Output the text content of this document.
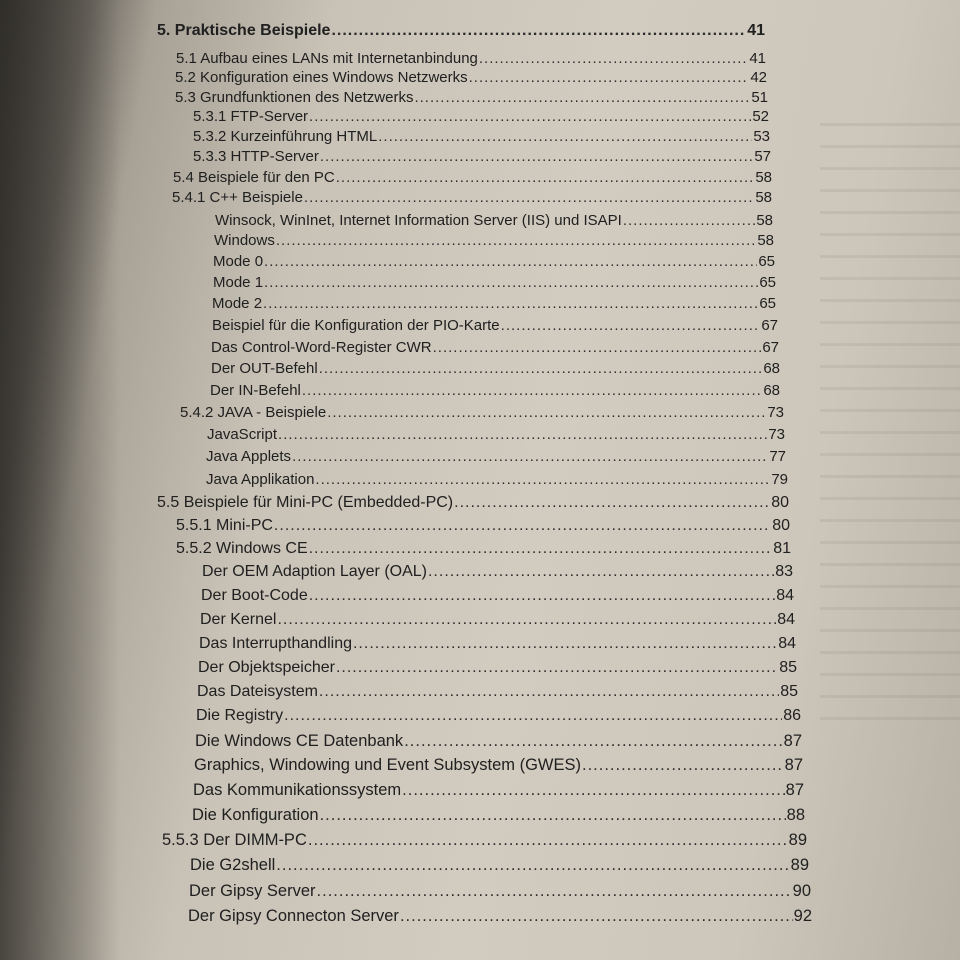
5. Praktische Beispiele .....	41
5.1 Aufbau eines LANs mit Internetanbindung .....	41
5.2 Konfiguration eines Windows Netzwerks .....	42
5.3 Grundfunktionen des Netzwerks .....	51
5.3.1 FTP-Server .....	52
5.3.2 Kurzeinführung HTML .....	53
5.3.3 HTTP-Server .....	57
5.4 Beispiele für den PC .....	58
5.4.1 C++ Beispiele .....	58
Winsock, WinInet, Internet Information Server (IIS) und ISAPI .....	58
Windows .....	58
Mode 0 .....	65
Mode 1 .....	65
Mode 2 .....	65
Beispiel für die Konfiguration der PIO-Karte .....	67
Das Control-Word-Register CWR .....	67
Der OUT-Befehl .....	68
Der IN-Befehl .....	68
5.4.2 JAVA - Beispiele .....	73
JavaScript .....	73
Java Applets .....	77
Java Applikation .....	79
5.5 Beispiele für Mini-PC (Embedded-PC) .....	80
5.5.1 Mini-PC .....	80
5.5.2 Windows CE .....	81
Der OEM Adaption Layer (OAL) .....	83
Der Boot-Code .....	84
Der Kernel .....	84
Das Interrupthandling .....	84
Der Objektspeicher .....	85
Das Dateisystem .....	85
Die Registry .....	86
Die Windows CE Datenbank .....	87
Graphics, Windowing und Event Subsystem (GWES) .....	87
Das Kommunikationssystem .....	87
Die Konfiguration .....	88
5.5.3 Der DIMM-PC .....	89
Die G2shell .....	89
Der Gipsy Server .....	90
Der Gipsy Connecton Server .....	92
